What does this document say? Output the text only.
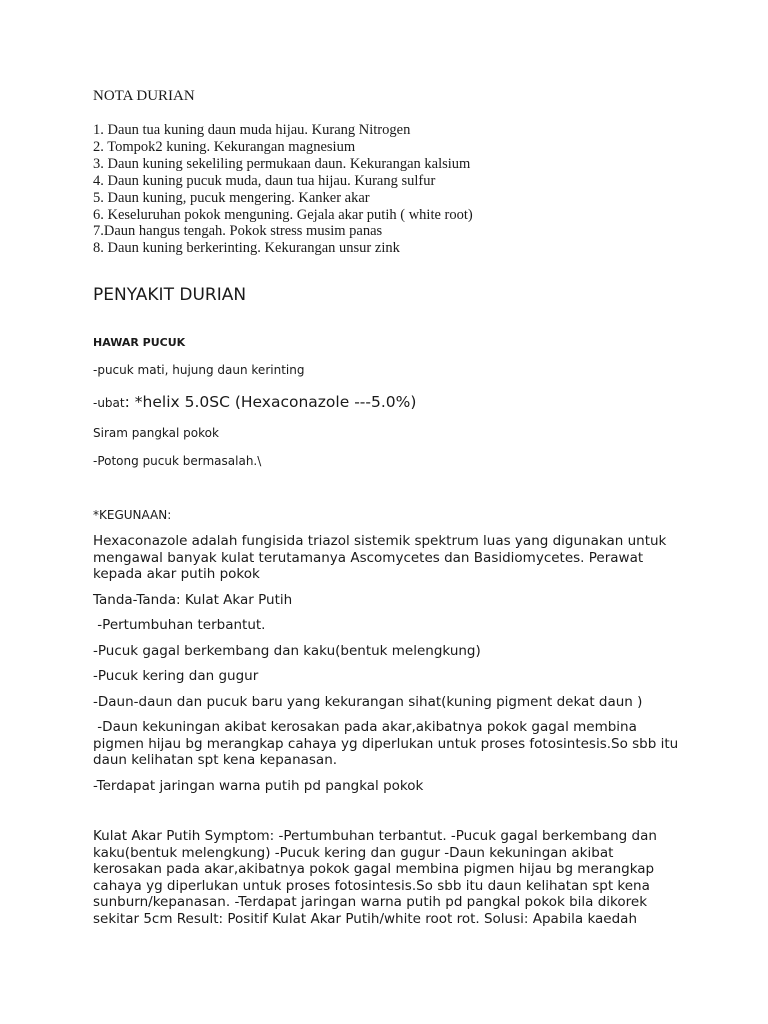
NOTA DURIAN
1. Daun tua kuning daun muda hijau. Kurang Nitrogen
2. Tompok2 kuning. Kekurangan magnesium
3. Daun kuning sekeliling permukaan daun. Kekurangan kalsium
4. Daun kuning pucuk muda, daun tua hijau. Kurang sulfur
5. Daun kuning, pucuk mengering. Kanker akar
6. Keseluruhan pokok menguning. Gejala akar putih ( white root)
7.Daun hangus tengah. Pokok stress musim panas
8. Daun kuning berkerinting. Kekurangan unsur zink
PENYAKIT DURIAN
HAWAR PUCUK

-pucuk mati, hujung daun kerinting

-ubat: *helix 5.0SC (Hexaconazole ---5.0%)

Siram pangkal pokok

-Potong pucuk bermasalah.\

*KEGUNAAN:

Hexaconazole adalah fungisida triazol sistemik spektrum luas yang digunakan untuk mengawal banyak kulat terutamanya Ascomycetes dan Basidiomycetes. Perawat kepada akar putih pokok

Tanda-Tanda: Kulat Akar Putih

-Pertumbuhan terbantut.

-Pucuk gagal berkembang dan kaku(bentuk melengkung)

-Pucuk kering dan gugur

-Daun-daun dan pucuk baru yang kekurangan sihat(kuning pigment dekat daun )

-Daun kekuningan akibat kerosakan pada akar,akibatnya pokok gagal membina pigmen hijau bg merangkap cahaya yg diperlukan untuk proses fotosintesis.So sbb itu daun kelihatan spt kena kepanasan.

-Terdapat jaringan warna putih pd pangkal pokok

Kulat Akar Putih Symptom: -Pertumbuhan terbantut. -Pucuk gagal berkembang dan kaku(bentuk melengkung) -Pucuk kering dan gugur -Daun kekuningan akibat kerosakan pada akar,akibatnya pokok gagal membina pigmen hijau bg merangkap cahaya yg diperlukan untuk proses fotosintesis.So sbb itu daun kelihatan spt kena sunburn/kepanasan. -Terdapat jaringan warna putih pd pangkal pokok bila dikorek sekitar 5cm Result: Positif Kulat Akar Putih/white root rot. Solusi: Apabila kaedah
